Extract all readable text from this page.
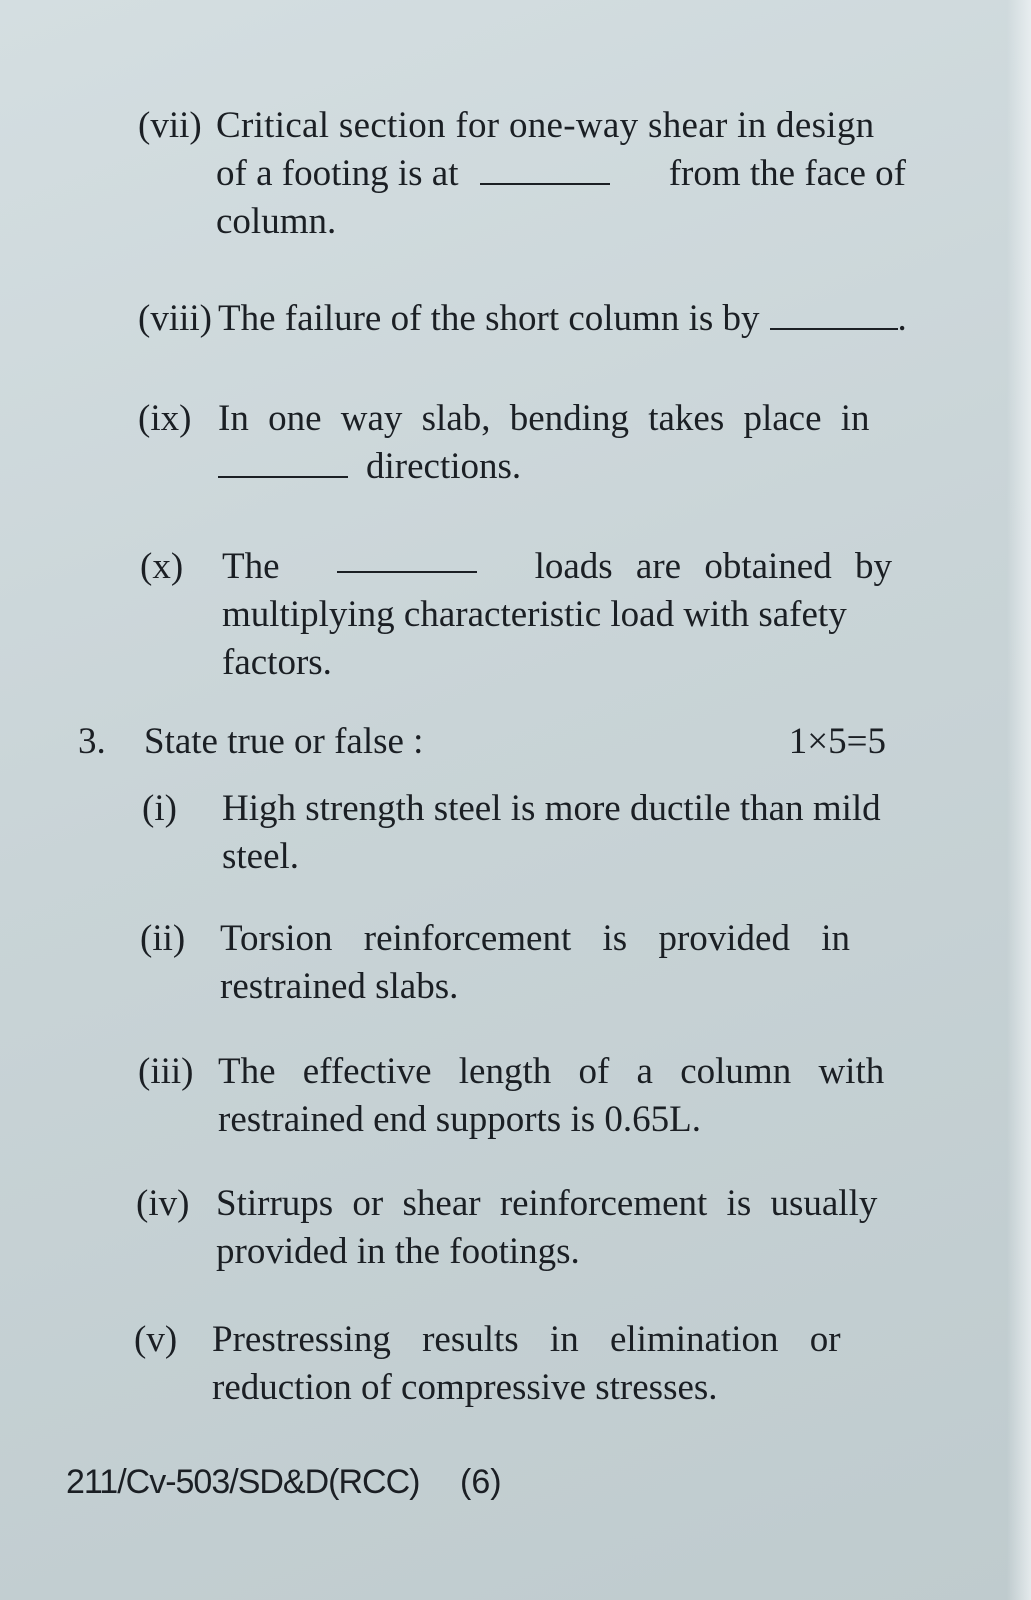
(vii) Critical section for one-way shear in design
of a footing is at	from the face of
column.
(viii) The failure of the short column is by	.
(ix) In one way slab, bending takes place in
directions.
(x) The	loads are obtained by
multiplying characteristic load with safety
factors.
3. State true or false :	1×5=5
(i) High strength steel is more ductile than mild
steel.
(ii) Torsion reinforcement is provided in
restrained slabs.
(iii) The effective length of a column with
restrained end supports is 0.65L.
(iv) Stirrups or shear reinforcement is usually
provided in the footings.
(v) Prestressing results in elimination or
reduction of compressive stresses.
211/Cv-503/SD&D(RCC) (6)
